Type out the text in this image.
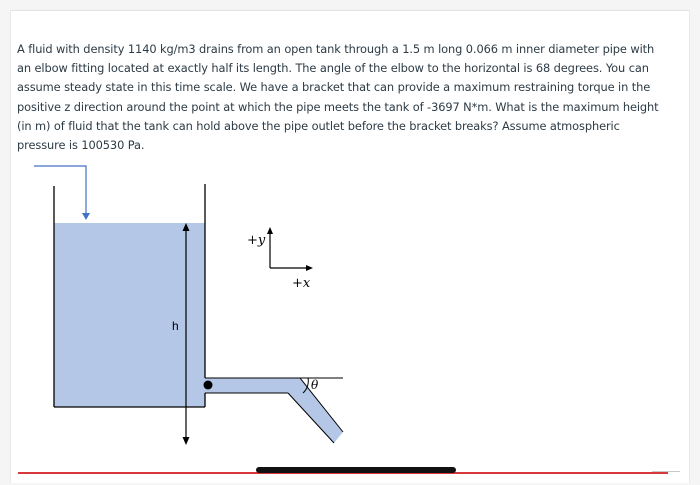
A fluid with density 1140 kg/m3 drains from an open tank through a 1.5 m long 0.066 m inner diameter pipe with an elbow fitting located at exactly half its length. The angle of the elbow to the horizontal is 68 degrees. You can assume steady state in this time scale. We have a bracket that can provide a maximum restraining torque in the positive z direction around the point at which the pipe meets the tank of -3697 N*m. What is the maximum height (in m) of fluid that the tank can hold above the pipe outlet before the bracket breaks? Assume atmospheric pressure is 100530 Pa.

+y
+x
h
θ
